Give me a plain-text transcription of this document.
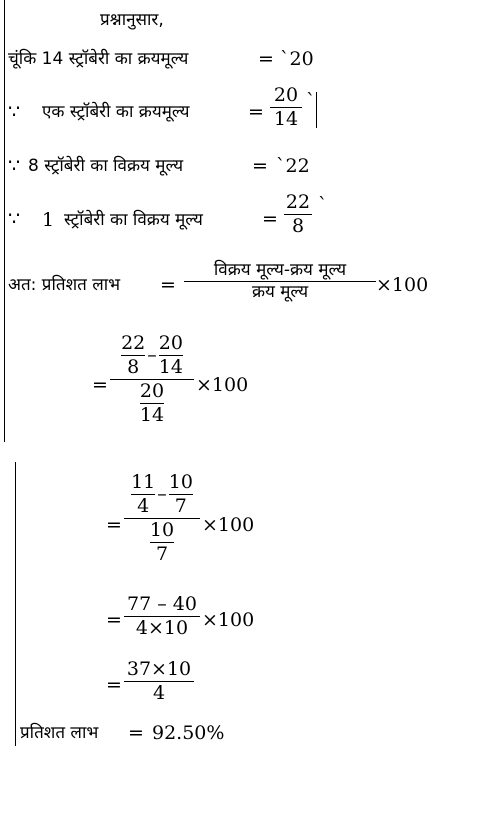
प्रश्नानुसार,
चूंकि 14 स्ट्रॉबेरी का क्रयमूल्य	= `20
∵ एक स्ट्रॉबेरी का क्रयमूल्य	=
20
14
`
∵ 8 स्ट्रॉबेरी का विक्रय मूल्य	= `22
∵ 1 स्ट्रॉबेरी का विक्रय मूल्य	=
22
8
`
अत: प्रतिशत लाभ =
विक्रय मूल्य-क्रय मूल्य
क्रय मूल्य	×100
=
22
8
–
20
14
20
14
×100
=
11
4
–
10
7
10
7
×100
=
77 – 40
4×10 ×100
=
37×10
4
प्रतिशत लाभ = 92.50%
